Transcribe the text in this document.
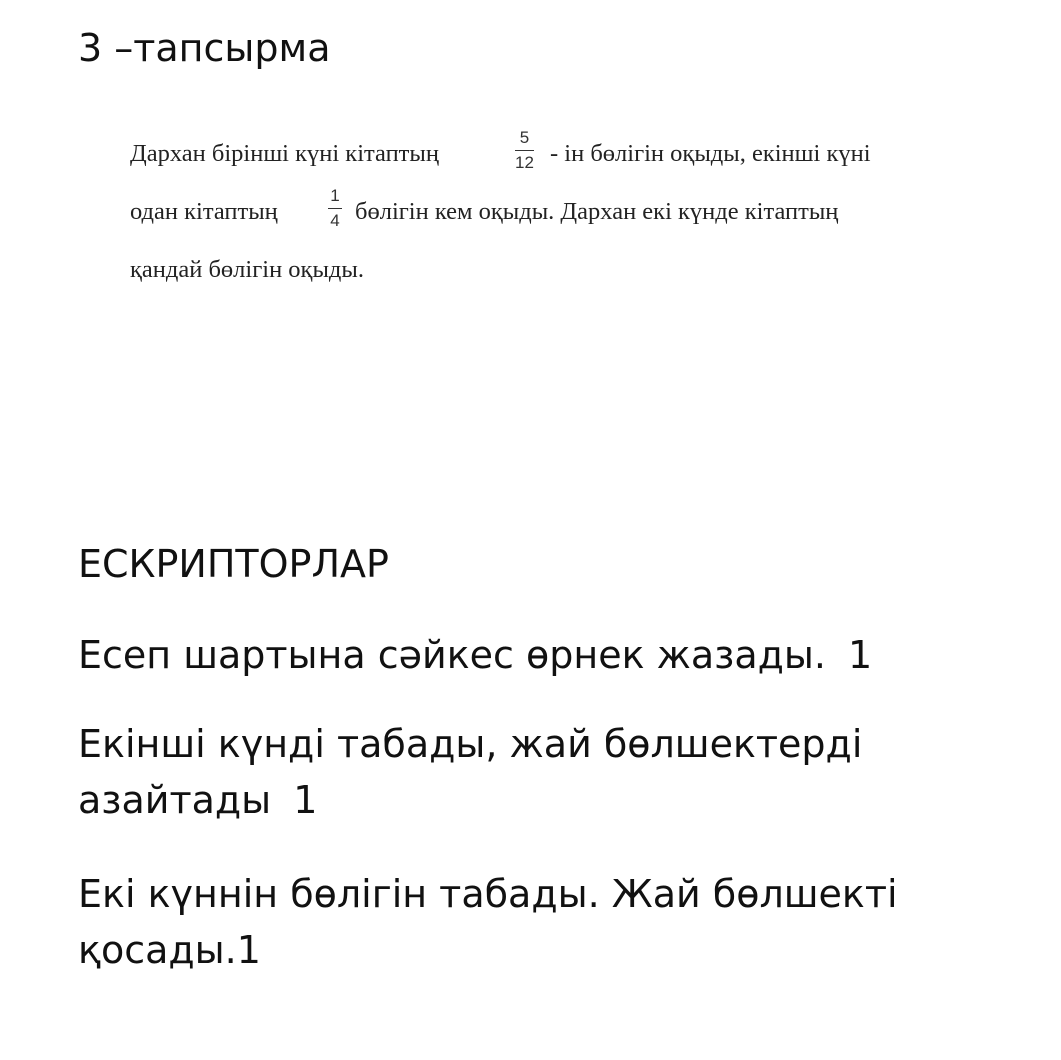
3 –тапсырма
Дархан бірінші күні кітаптың
5
12 - ін бөлігін оқыды, екінші күні
одан кітаптың
1
4 бөлігін кем оқыды. Дархан екі күнде кітаптың
қандай бөлігін оқыды.
ЕСКРИПТОРЛАР

Есеп шартына сәйкес өрнек жазады. 1

Екінші күнді табады, жай бөлшектерді
азайтады 1

Екі күннін бөлігін табады. Жай бөлшекті
қосады.1
